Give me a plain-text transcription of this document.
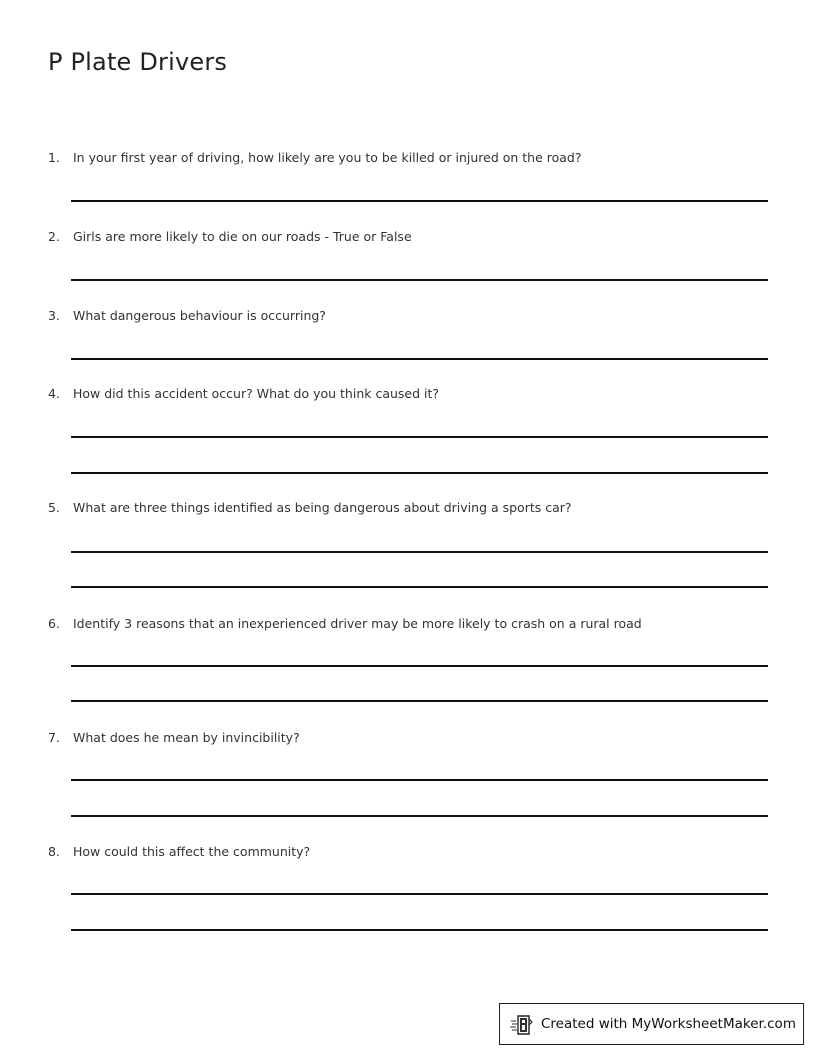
P Plate Drivers
1. In your first year of driving, how likely are you to be killed or injured on the road?
2. Girls are more likely to die on our roads - True or False
3. What dangerous behaviour is occurring?
4. How did this accident occur? What do you think caused it?
5. What are three things identified as being dangerous about driving a sports car?
6. Identify 3 reasons that an inexperienced driver may be more likely to crash on a rural road
7. What does he mean by invincibility?
8. How could this affect the community?
Created with MyWorksheetMaker.com
